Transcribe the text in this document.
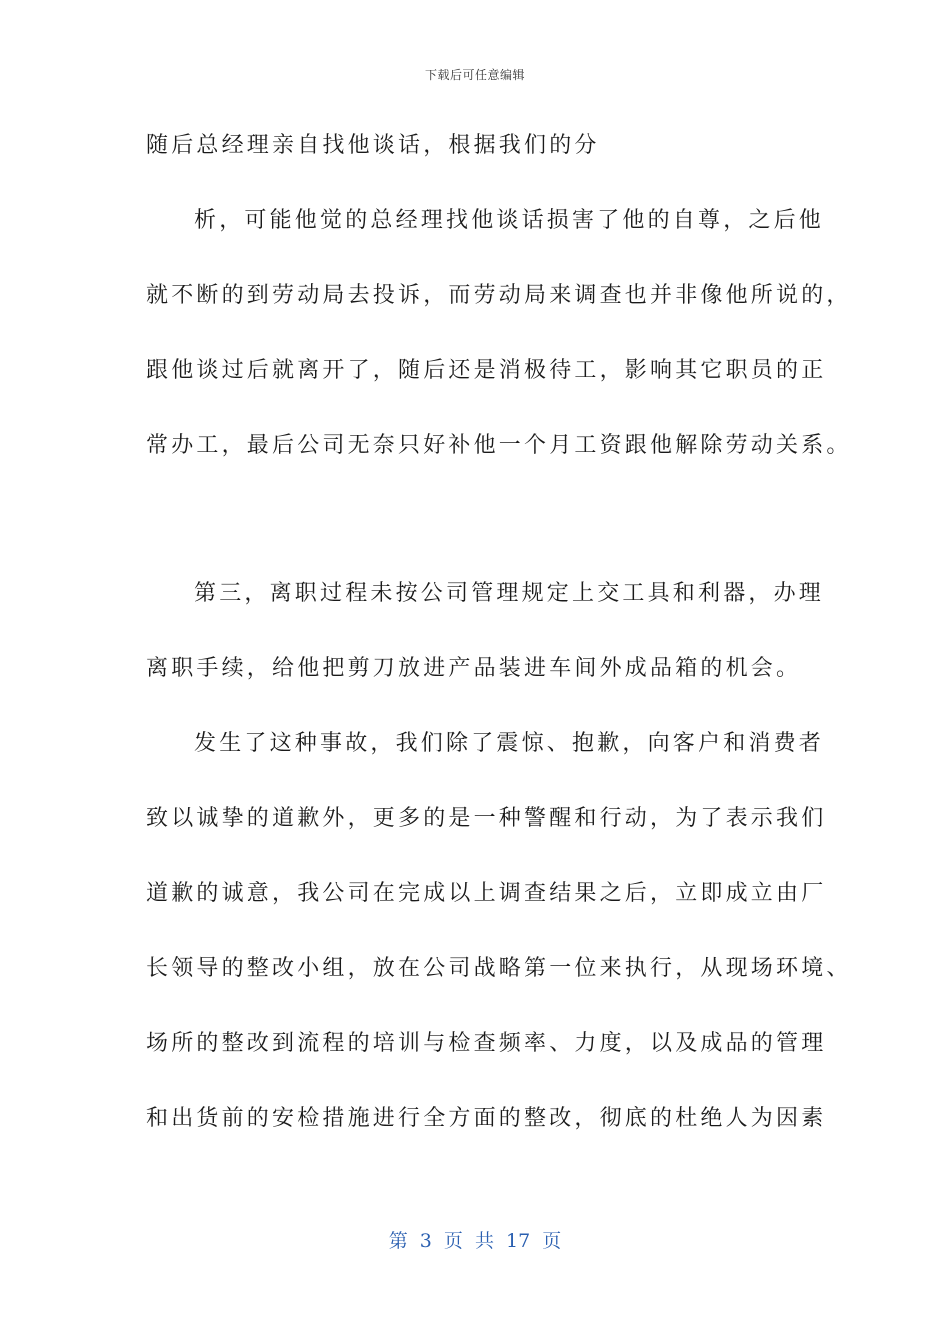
下载后可任意编辑
随后总经理亲自找他谈话，根据我们的分
析，可能他觉的总经理找他谈话损害了他的自尊，之后他
就不断的到劳动局去投诉，而劳动局来调查也并非像他所说的，
跟他谈过后就离开了，随后还是消极待工，影响其它职员的正
常办工，最后公司无奈只好补他一个月工资跟他解除劳动关系。
第三，离职过程未按公司管理规定上交工具和利器，办理
离职手续，给他把剪刀放进产品装进车间外成品箱的机会。
发生了这种事故，我们除了震惊、抱歉，向客户和消费者
致以诚挚的道歉外，更多的是一种警醒和行动，为了表示我们
道歉的诚意，我公司在完成以上调查结果之后，立即成立由厂
长领导的整改小组，放在公司战略第一位来执行，从现场环境、
场所的整改到流程的培训与检查频率、力度，以及成品的管理
和出货前的安检措施进行全方面的整改，彻底的杜绝人为因素
第 3 页 共 17 页
